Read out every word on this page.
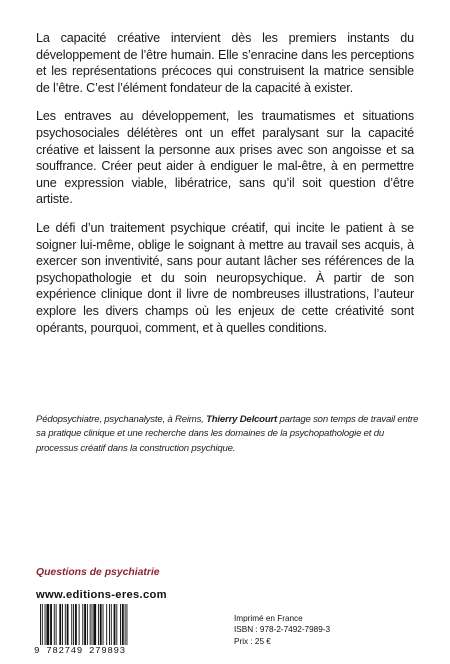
La capacité créative intervient dès les premiers instants du développement de l’être humain. Elle s’enracine dans les perceptions et les représentations précoces qui construisent la matrice sensible de l’être. C’est l’élément fondateur de la capacité à exister.

Les entraves au développement, les traumatismes et situations psychosociales délétères ont un effet paralysant sur la capacité créative et laissent la personne aux prises avec son angoisse et sa souffrance. Créer peut aider à endiguer le mal-être, à en permettre une expression viable, libératrice, sans qu’il soit question d’être artiste.

Le défi d’un traitement psychique créatif, qui incite le patient à se soigner lui-même, oblige le soignant à mettre au travail ses acquis, à exercer son inventivité, sans pour autant lâcher ses références de la psychopathologie et du soin neuropsychique. À partir de son expérience clinique dont il livre de nombreuses illustrations, l’auteur explore les divers champs où les enjeux de cette créativité sont opérants, pourquoi, comment, et à quelles conditions.

Pédopsychiatre, psychanalyste, à Reims, Thierry Delcourt partage son temps de travail entre sa pratique clinique et une recherche dans les domaines de la psychopathologie et du processus créatif dans la construction psychique.
Questions de psychiatrie
www.editions-eres.com
9 782749 279893
Imprimé en France
ISBN : 978-2-7492-7989-3
Prix : 25 €
